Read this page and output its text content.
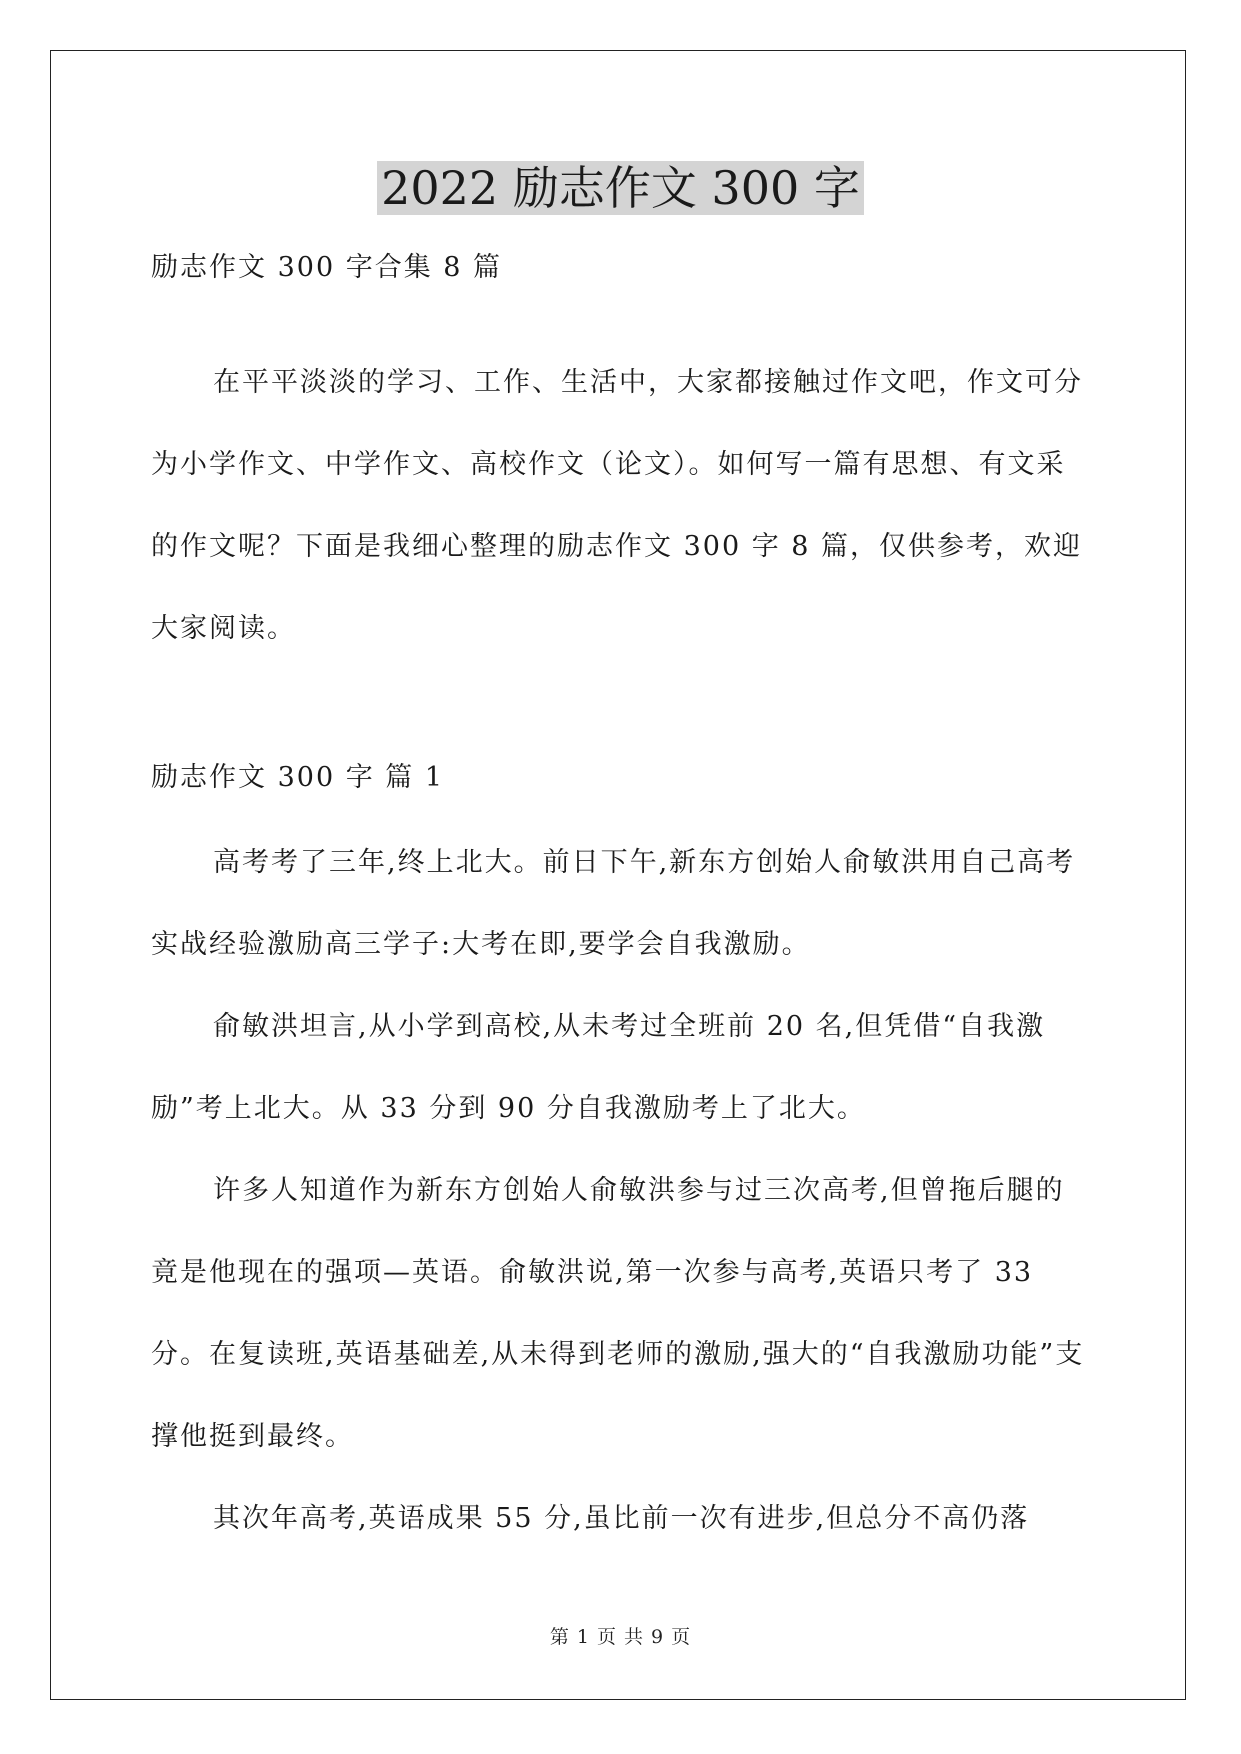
2022 励志作文 300 字

励志作文 300 字合集 8 篇

在平平淡淡的学习、工作、生活中，大家都接触过作文吧，作文可分为小学作文、中学作文、高校作文（论文）。如何写一篇有思想、有文采的作文呢？下面是我细心整理的励志作文 300 字 8 篇，仅供参考，欢迎大家阅读。

励志作文 300 字 篇 1

高考考了三年,终上北大。前日下午,新东方创始人俞敏洪用自己高考实战经验激励高三学子:大考在即,要学会自我激励。

俞敏洪坦言,从小学到高校,从未考过全班前 20 名,但凭借“自我激励”考上北大。从 33 分到 90 分自我激励考上了北大。

许多人知道作为新东方创始人俞敏洪参与过三次高考,但曾拖后腿的竟是他现在的强项—英语。俞敏洪说,第一次参与高考,英语只考了 33 分。在复读班,英语基础差,从未得到老师的激励,强大的“自我激励功能”支撑他挺到最终。

其次年高考,英语成果 55 分,虽比前一次有进步,但总分不高仍落

第 1 页 共 9 页
